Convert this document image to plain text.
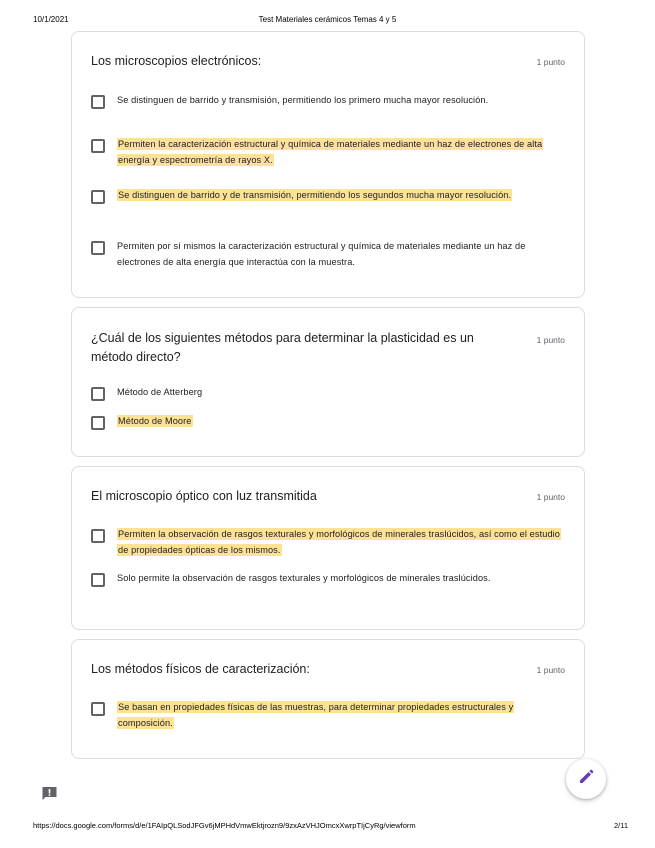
10/1/2021	Test Materiales cerámicos Temas 4 y 5
Los microscopios electrónicos:	1 punto
Se distinguen de barrido y transmisión, permitiendo los primero mucha mayor resolución.
Permiten la caracterización estructural y química de materiales mediante un haz de electrones de alta energía y espectrometría de rayos X.
Se distinguen de barrido y de transmisión, permitiendo los segundos mucha mayor resolución.
Permiten por sí mismos la caracterización estructural y química de materiales mediante un haz de electrones de alta energía que interactúa con la muestra.
¿Cuál de los siguientes métodos para determinar la plasticidad es un método directo?
1 punto
Método de Atterberg
Método de Moore
El microscopio óptico con luz transmitida	1 punto
Permiten la observación de rasgos texturales y morfológicos de minerales traslúcidos, así como el estudio de propiedades ópticas de los mismos.
Solo permite la observación de rasgos texturales y morfológicos de minerales traslúcidos.
Los métodos físicos de caracterización:	1 punto
Se basan en propiedades físicas de las muestras, para determinar propiedades estructurales y composición.
https://docs.google.com/forms/d/e/1FAIpQLSodJFGv6jMPHdVmwEktjrozn9/9zxAzVHJOmcxXwrpTIjCyRg/viewform	2/11
